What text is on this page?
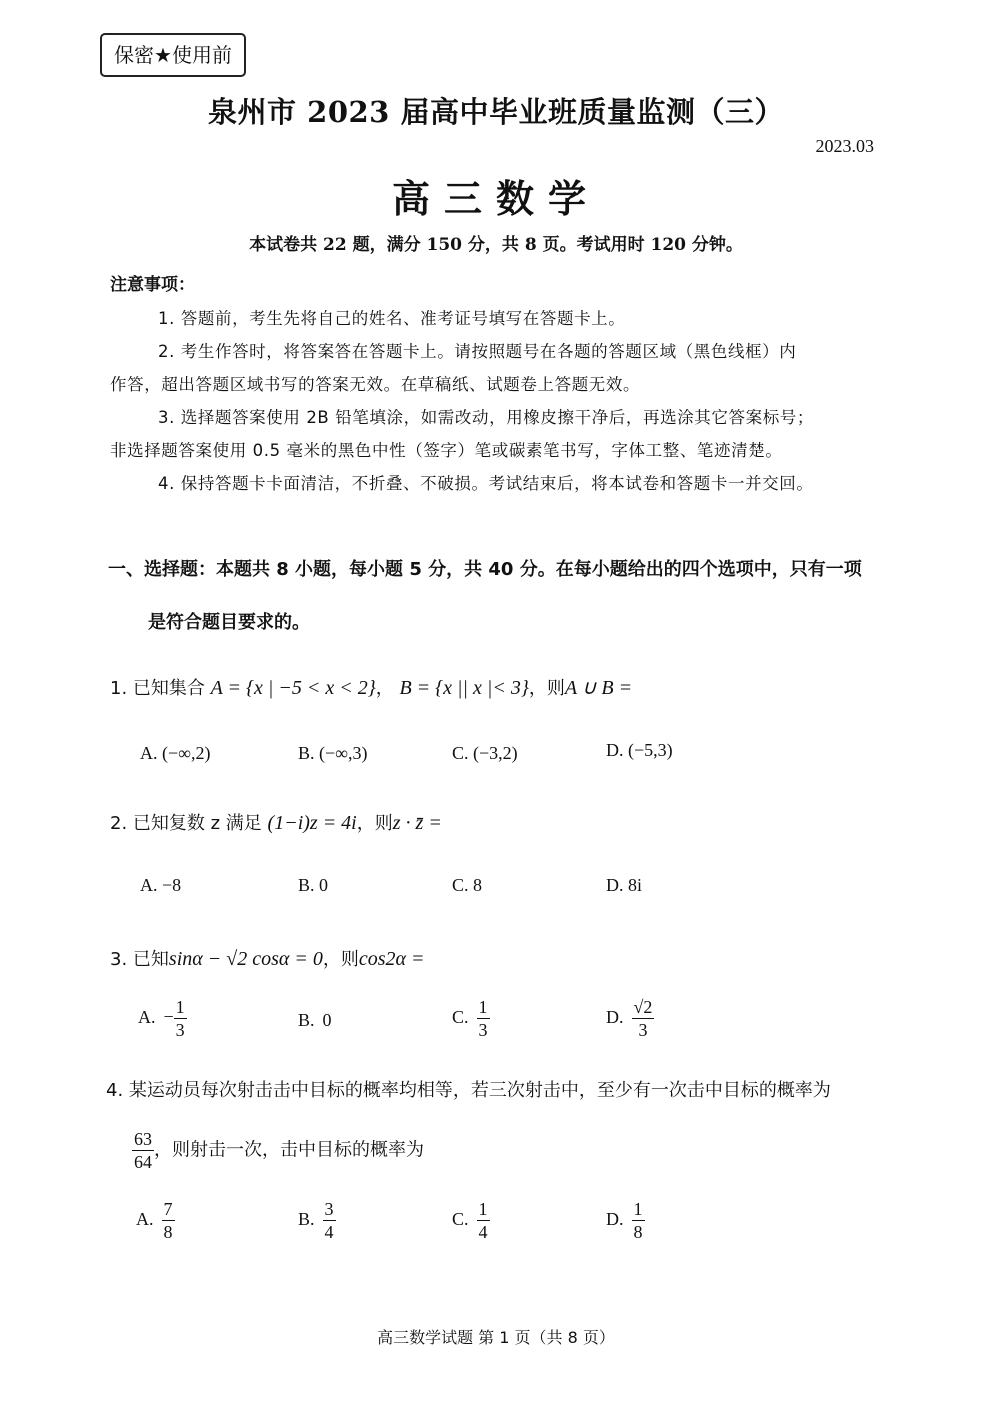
保密★使用前
泉州市 2023 届高中毕业班质量监测（三）
2023.03
高三数学
本试卷共 22 题，满分 150 分，共 8 页。考试用时 120 分钟。
注意事项：
1. 答题前，考生先将自己的姓名、准考证号填写在答题卡上。
2. 考生作答时，将答案答在答题卡上。请按照题号在各题的答题区域（黑色线框）内
作答，超出答题区域书写的答案无效。在草稿纸、试题卷上答题无效。
3. 选择题答案使用 2B 铅笔填涂，如需改动，用橡皮擦干净后，再选涂其它答案标号；
非选择题答案使用 0.5 毫米的黑色中性（签字）笔或碳素笔书写，字体工整、笔迹清楚。
4. 保持答题卡卡面清洁，不折叠、不破损。考试结束后，将本试卷和答题卡一并交回。
一、选择题：本题共 8 小题，每小题 5 分，共 40 分。在每小题给出的四个选项中，只有一项
是符合题目要求的。
1. 已知集合 A = {x | −5 < x < 2}， B = {x || x |< 3}，则A ∪ B =
A. (−∞,2)	B. (−∞,3)	C. (−3,2)	D. (−5,3)
2. 已知复数 z 满足 (1−i)z = 4i，则z · z̄ =
A. −8	B. 0	C. 8	D. 8i
3. 已知sinα − √2 cosα = 0，则cos2α =
A. − $\frac{1}{3}$	B. 0	C. $\frac{1}{3}$	D. $\frac{√2}{3}$
4. 某运动员每次射击击中目标的概率均相等，若三次射击中，至少有一次击中目标的概率为
$\frac{63}{64}$ ，则射击一次，击中目标的概率为
A. $\frac{7}{8}$	B. $\frac{3}{4}$	C. $\frac{1}{4}$	D. $\frac{1}{8}$
高三数学试题 第 1 页（共 8 页）
